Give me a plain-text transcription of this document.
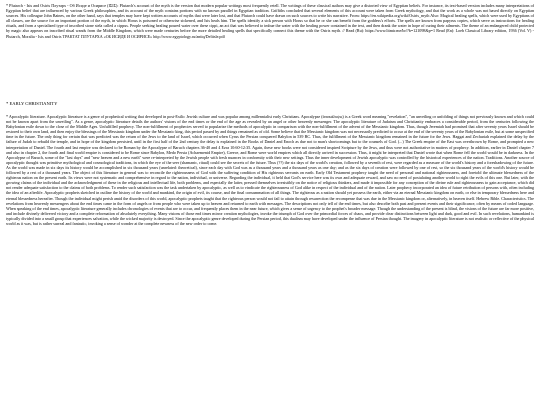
* Plutarch - Isis and Osiris Плутарх - Об Исиде и Осирисе (ΙΣΙΣ): Plutarch's account of the myth is the version that modern popular writings most frequently retell. The writings of these classical authors may give a distorted view of Egyptian beliefs. For instance, its text-based version includes many interpretations of Egyptian belief that are influenced by various Greek philosophies, and its account of the myth contains portions with no known parallel in Egyptian tradition. Griffiths concluded that several elements of this account were taken from Greek mythology, and that the work as a whole was not based directly on Egyptian sources. His colleague John Baines, on the other hand, says that temples may have kept written accounts of myths that were later lost, and that Plutarch could have drawn on such sources to write his narrative. From: https://en.wikipedia.org/wiki/Osiris_myth Also: Magical healing spells, which were used by Egyptians of all classes, are the source for an important portion of the myth, in which Horus is poisoned or otherwise sickened, and Isis heals him. The spells identify a sick person with Horus so that he or she can benefit from the goddess's efforts. The spells are known from papyrus copies, which serve as instructions for healing rituals, and from a specialized type of inscribed stone stela called a cippus. People seeking healing poured water over these cippi, an act that was believed to imbue the water with the healing power contained in the text, and then drank the water in hope of curing their ailments. The theme of an endangered child protected by magic also appears on inscribed ritual wands from the Middle Kingdom, which were made centuries before the more detailed healing spells that specifically connect this theme with the Osiris myth. // Read (Ru): https://www.litmir.me/br/?b=121098&p=1 Read (En): Loeb Classical Library edition, 1936 (Vol. V) - Plutarch, Moralia - Isis and Osiris ТРАКТАТ ПЛУТАРХА «ОБ ИСИДЕ И ОСИРИСЕ» http://www.egyptology.ru/antiq/Delitsle.pdf
* EARLY CHRISTIANITY
* Apocalyptic literature. Apocalyptic literature is a genre of prophetical writing that developed in post-Exilic Jewish culture and was popular among millennialist early Christians. Apocalypse (ἀποκάλυψις) is a Greek word meaning "revelation", "an unveiling or unfolding of things not previously known and which could not be known apart from the unveiling". As a genre, apocalyptic literature details the authors' visions of the end times or the end of the age as revealed by an angel or other heavenly messenger. The apocalyptic literature of Judaism and Christianity embraces a considerable period, from the centuries following the Babylonian exile down to the close of the Middle Ages. Unfulfilled prophecy. The non-fulfillment of prophecies served to popularize the methods of apocalyptic in comparison with the non-fulfillment of the advent of the Messianic kingdom. Thus, though Jeremiah had promised that after seventy years Israel should be restored to their own land, and then enjoy the blessings of the Messianic kingdom under the Messianic king, this period passed by and things remained as of old. Some believe that the Messianic kingdom was not necessarily predicted to occur at the end of the seventy years of the Babylonian exile, but at some unspecified time in the future. The only thing for certain that was predicted was the return of the Jews to the land of Israel, which occurred when Cyrus the Persian conquered Babylon in 539 BC. Thus, the fulfillment of the Messianic kingdom remained in the future for the Jews. Haggai and Zechariah explained the delay by the failure of Judah to rebuild the temple, and in hope of the kingdom persisted, until in the first half of the 2nd century the delay is explained in the Books of Daniel and Enoch as due not to man's shortcomings but to the counsels of God. (...) The Greek empire of the East was overthrown by Rome, and prompted a new interpretation of Daniel. The fourth and last empire was declared to be Roman by the Apocalypse of Baruch chapters 36-40 and 4 Ezra 10:60-12:35. Again, these new books were not considered inspired Scripture by the Jews, and thus were not authoritative in matters of prophecy. In addition, earlier in Daniel chapter 7 and also in chapter 2, the fourth and final world empire is considered to be Rome since Babylon, Medo Persia (Achaemenid Empire), Greece, and Rome were world empires which all directly arrived in succession. Thus, it might be interpreted that Daniel wrote that when Rome fell the world would be in darkness. In the Apocalypse of Baruch, some of the "last days" and "new heaven and a new earth" were re-interpreted by the Jewish people with fresh nuances in conformity with their new settings. Thus the inner development of Jewish apocalyptic was controlled by the historical experiences of the nation. Traditions. Another source of apocalyptic thought was primitive mythological and cosmological traditions, in which the eye of the seer (shamanic, ritual) could see the secrets of the future. Thus (??) the six days of the world's creation, followed by a seventh of rest, were regarded as a measure of the world's history and a foreshadowing of the future. As the world was made in six days its history would be accomplished in six thousand years (unrelated: theoretical), since each day with God was as a thousand years and a thousand years as one day; and as the six days of creation were followed by one of rest, so the six thousand years of the world's history would be followed by a rest of a thousand years. The object of this literature in general was to reconcile the righteousness of God with the suffering condition of His righteous servants on earth. Early Old Testament prophecy taught the need of personal and national righteousness, and foretold the ultimate blessedness of the righteous nation on the present earth. Its views were not systematic and comprehensive in regard to the nation, individual, or universe. Regarding the individual, it held that God's service here was its own and adequate reward, and saw no need of postulating another world to right the evils of this one. But later, with the growing claims of the individual and the acknowledgment of these in the religious and intellectual life, both problems, and especially the latter, pressed themselves irresistibly on the notice of religious thinkers, and made it impossible for any conception of the divine rule and righteousness to gain acceptance, which did not render adequate satisfaction to the claims of both problems. To render such satisfaction was the task undertaken by apocalyptic, as well as to vindicate the righteousness of God alike in respect of the individual and of the nation. Later prophecy incorporated an idea of future retribution of persons with, often including the idea of an afterlife. Apocalyptic prophets sketched in outline the history of the world and mankind, the origin of evil, its course, and the final consummation of all things. The righteous as a nation should yet possess the earth, either via an eternal Messianic kingdom on earth, or else in temporary blessedness here and eternal blessedness hereafter. Though the individual might perish amid the disorders of this world, apocalyptic prophets taught that the righteous person would not fail to attain through resurrection the recompense that was due in the Messianic kingdom or, alternatively, in heaven itself. Hebrew Bible. Characteristics. The revelations from heavenly messengers about the end times came in the form of angels or from people who were taken up to heaven and returned to earth with messages. The descriptions not only tell of the end times, but also describe both past and present events and their significance, often by means of coded language. When speaking of the end times, apocalyptic literature generally includes chronologies of events that are to occur, and frequently places them in the near future, which gives a sense of urgency to the prophet's broader message. Though the understanding of the present is blind, the visions of the future are far more positive, and include divinely delivered victory and a complete reformation of absolutely everything. Many visions of those end times mirror creation mythologies, invoke the triumph of God over the primordial forces of chaos, and provide clear distinctions between light and dark, good and evil. In such revelations, humankind is typically divided into a small group that experiences salvation, while the wicked majority is destroyed. Since the apocalyptic genre developed during the Persian period, this dualism may have developed under the influence of Persian thought. The imagery in apocalyptic literature is not realistic or reflective of the physical world as it was, but is rather surreal and fantastic, invoking a sense of wonder at the complete newness of the new order to come.
